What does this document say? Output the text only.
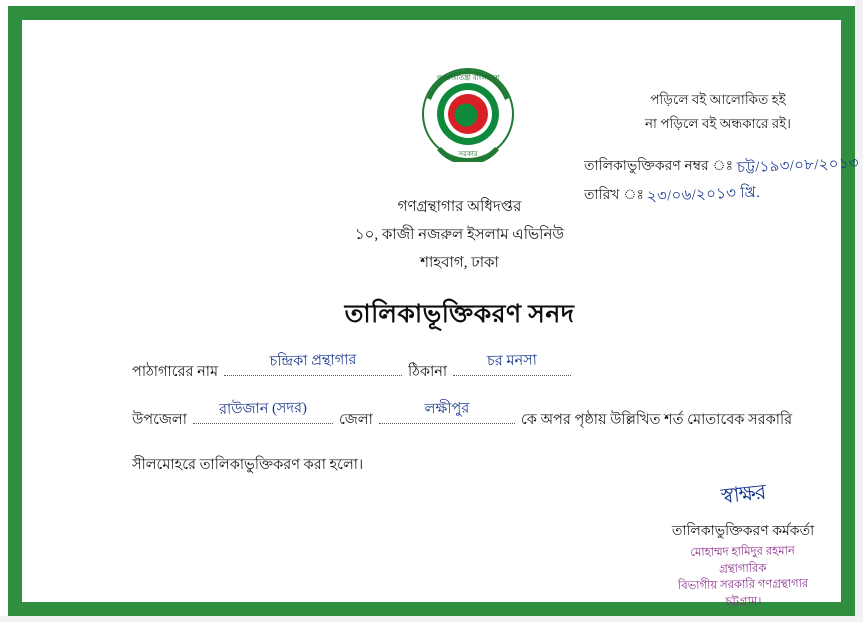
গণপ্রজাতন্ত্রী বাংলাদেশ
সরকার
পড়িলে বই আলোকিত হই
না পড়িলে বই অন্ধকারে রই।
তালিকাভুক্তিকরণ নম্বর ঃ চট্ট/১৯৩/০৮/২০১৩
তারিখ ঃ ২৩/০৬/২০১৩ খ্রি.
গণগ্রন্থাগার অধিদপ্তর
১০, কাজী নজরুল ইসলাম এভিনিউ
শাহবাগ, ঢাকা
তালিকাভূক্তিকরণ সনদ
পাঠাগারের নাম
চন্দ্রিকা প্রন্থাগার
ঠিকানা
চর মনসা
উপজেলা
রাউজান (সদর)
জেলা
লক্ষীপুর
কে অপর পৃষ্ঠায় উল্লিখিত শর্ত মোতাবেক সরকারি
সীলমোহরে তালিকাভুক্তিকরণ করা হলো।
স্বাক্ষর
তালিকাভুক্তিকরণ কর্মকর্তা
মোহাম্মদ হামিদুর রহমান
গ্রন্থাগারিক
বিভাগীয় সরকারি গণগ্রন্থাগার
চট্টগ্রাম।
